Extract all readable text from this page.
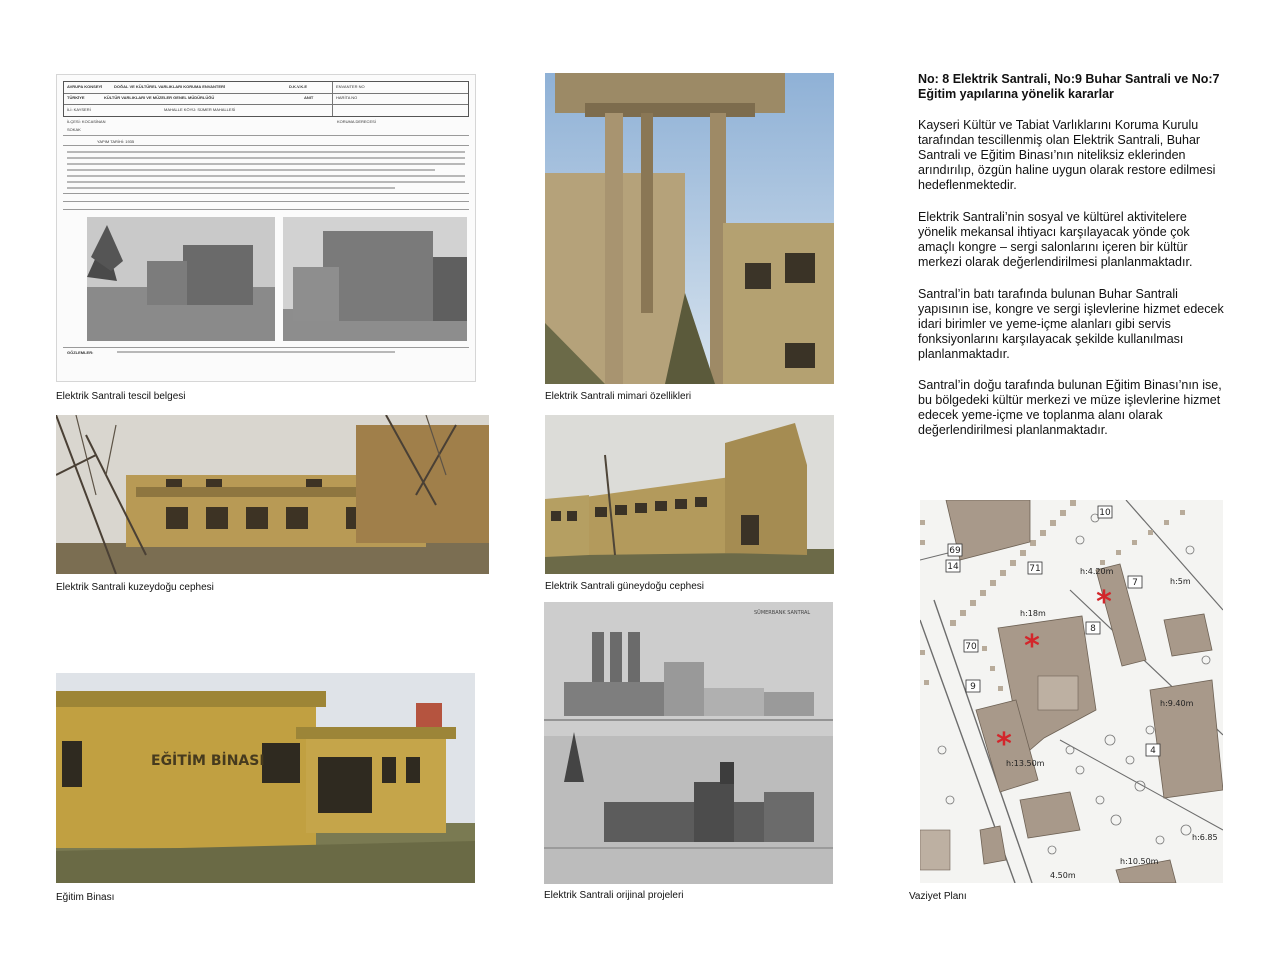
AVRUPA KONSEYİ	DOĞAL VE KÜLTÜREL VARLIKLARI KORUMA ENVANTERİ	D.K.V.K.E
TÜRKİYE	KÜLTÜR VARLIKLARI VE MÜZELER GENEL MÜDÜRLÜĞÜ	ANIT
ENVANTER NO
HARİTA NO
İLİ: KAYSERİ	MAHALLE KÖYÜ: SÜMER MAHALLESİ
İLÇESİ: KOCASİNAN
SOKAK
KORUMA DERECESİ
YAPIM TARİHİ: 1935
GÖZLEMLER:
Elektrik Santrali tescil belgesi	Elektrik Santrali mimari özellikleri
Elektrik Santrali kuzeydoğu cephesi	Elektrik Santrali güneydoğu cephesi
EĞİTİM BİNASI
Eğitim Binası
SÜMERBANK SANTRAL
Elektrik Santrali orijinal projeleri
No: 8 Elektrik Santrali, No:9 Buhar Santrali ve No:7 Eğitim yapılarına yönelik kararlar

Kayseri Kültür ve Tabiat Varlıklarını Koruma Kurulu tarafından tescillenmiş olan Elektrik Santrali, Buhar Santrali ve Eğitim Binası’nın niteliksiz eklerinden arındırılıp, özgün haline uygun olarak restore edilmesi hedeflenmektedir.

Elektrik Santrali’nin sosyal ve kültürel aktivitelere yönelik mekansal ihtiyacı karşılayacak yönde çok amaçlı kongre – sergi salonlarını içeren bir kültür merkezi olarak değerlendirilmesi planlanmaktadır.

Santral’in batı tarafında bulunan Buhar Santrali yapısının ise, kongre ve sergi işlevlerine hizmet edecek idari birimler ve yeme-içme alanları gibi servis fonksiyonlarını karşılayacak şekilde kullanılması planlanmaktadır.

Santral’in doğu tarafında bulunan Eğitim Binası’nın ise, bu bölgedeki kültür merkezi ve müze işlevlerine hizmet edecek yeme-içme ve toplanma alanı olarak değerlendirilmesi planlanmaktadır.

10
69
14	71
7
8
70
9
4
h:4.20m
h:18m
h:5m
h:9.40m
h:13.50m
h:10.50m
h:6.85
4.50m
*
*
*
Vaziyet Planı
